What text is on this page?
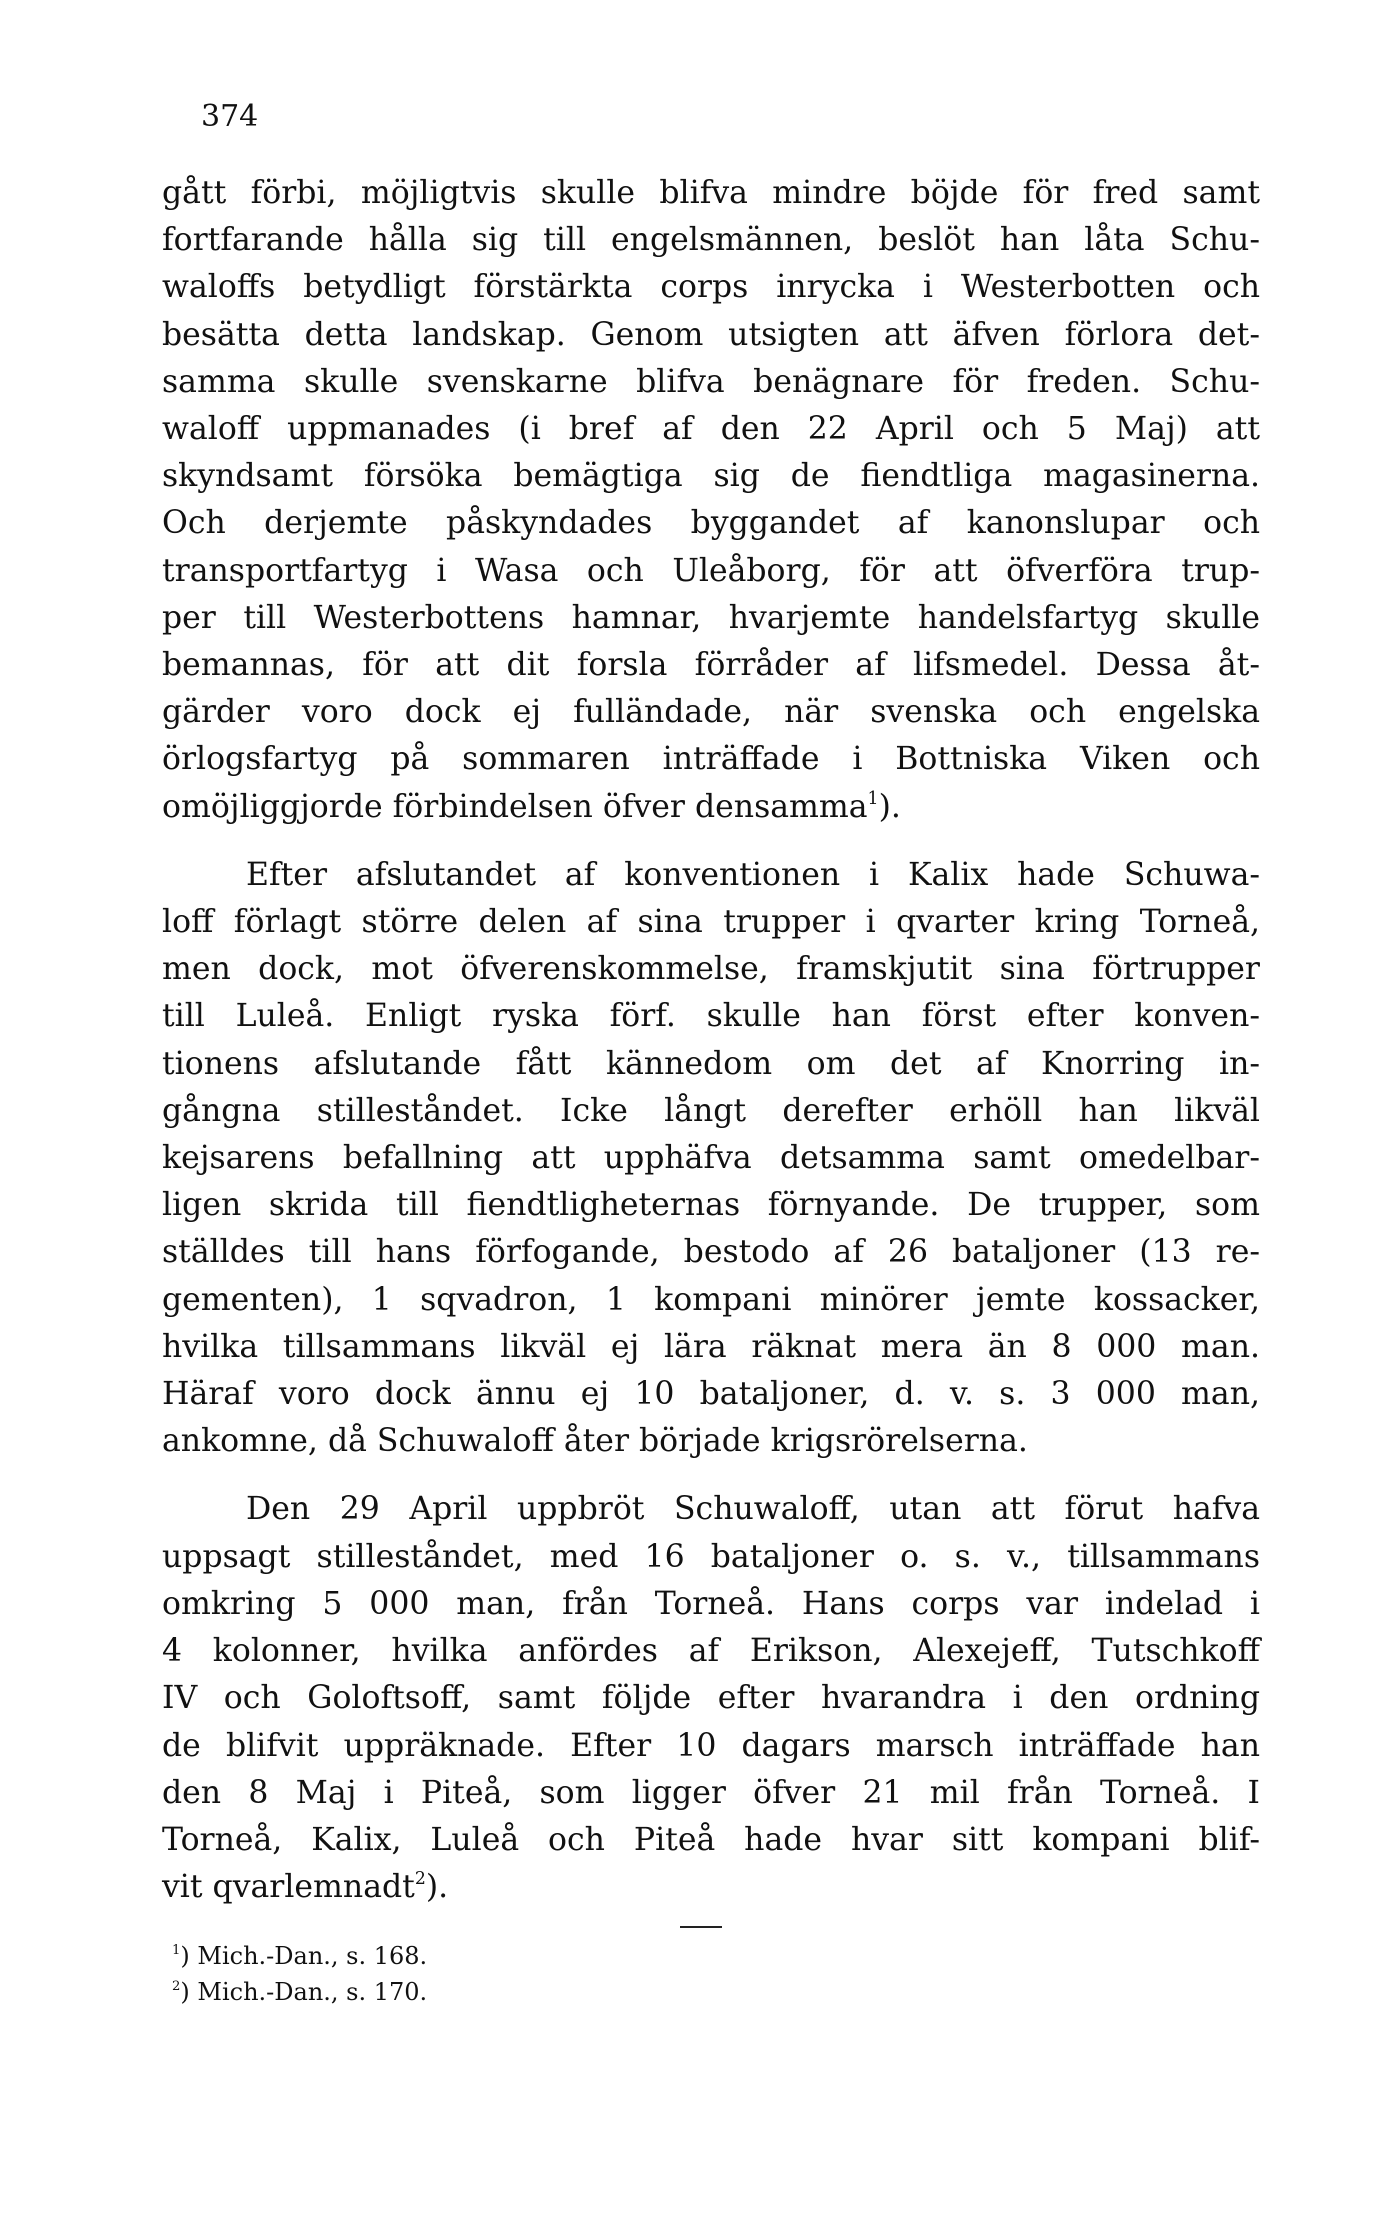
374
gått förbi, möjligtvis skulle blifva mindre böjde för fred samt
fortfarande hålla sig till engelsmännen, beslöt han låta Schu-
waloffs betydligt förstärkta corps inrycka i Westerbotten och
besätta detta landskap. Genom utsigten att äfven förlora det-
samma skulle svenskarne blifva benägnare för freden. Schu-
waloff uppmanades (i bref af den 22 April och 5 Maj) att
skyndsamt försöka bemägtiga sig de fiendtliga magasinerna.
Och derjemte påskyndades byggandet af kanonslupar och
transportfartyg i Wasa och Uleåborg, för att öfverföra trup-
per till Westerbottens hamnar, hvarjemte handelsfartyg skulle
bemannas, för att dit forsla förråder af lifsmedel. Dessa åt-
gärder voro dock ej fulländade, när svenska och engelska
örlogsfartyg på sommaren inträffade i Bottniska Viken och
omöjliggjorde förbindelsen öfver densamma$^1$).
Efter afslutandet af konventionen i Kalix hade Schuwa-
loff förlagt större delen af sina trupper i qvarter kring Torneå,
men dock, mot öfverenskommelse, framskjutit sina förtrupper
till Luleå. Enligt ryska förf. skulle han först efter konven-
tionens afslutande fått kännedom om det af Knorring in-
gångna stilleståndet. Icke långt derefter erhöll han likväl
kejsarens befallning att upphäfva detsamma samt omedelbar-
ligen skrida till fiendtligheternas förnyande. De trupper, som
ställdes till hans förfogande, bestodo af 26 bataljoner (13 re-
gementen), 1 sqvadron, 1 kompani minörer jemte kossacker,
hvilka tillsammans likväl ej lära räknat mera än 8 000 man.
Häraf voro dock ännu ej 10 bataljoner, d. v. s. 3 000 man,
ankomne, då Schuwaloff åter började krigsrörelserna.
Den 29 April uppbröt Schuwaloff, utan att förut hafva
uppsagt stilleståndet, med 16 bataljoner o. s. v., tillsammans
omkring 5 000 man, från Torneå. Hans corps var indelad i
4 kolonner, hvilka anfördes af Erikson, Alexejeff, Tutschkoff
IV och Goloftsoff, samt följde efter hvarandra i den ordning
de blifvit uppräknade. Efter 10 dagars marsch inträffade han
den 8 Maj i Piteå, som ligger öfver 21 mil från Torneå. I
Torneå, Kalix, Luleå och Piteå hade hvar sitt kompani blif-
vit qvarlemnadt$^2$).
$^1$) Mich.-Dan., s. 168.
$^2$) Mich.-Dan., s. 170.
